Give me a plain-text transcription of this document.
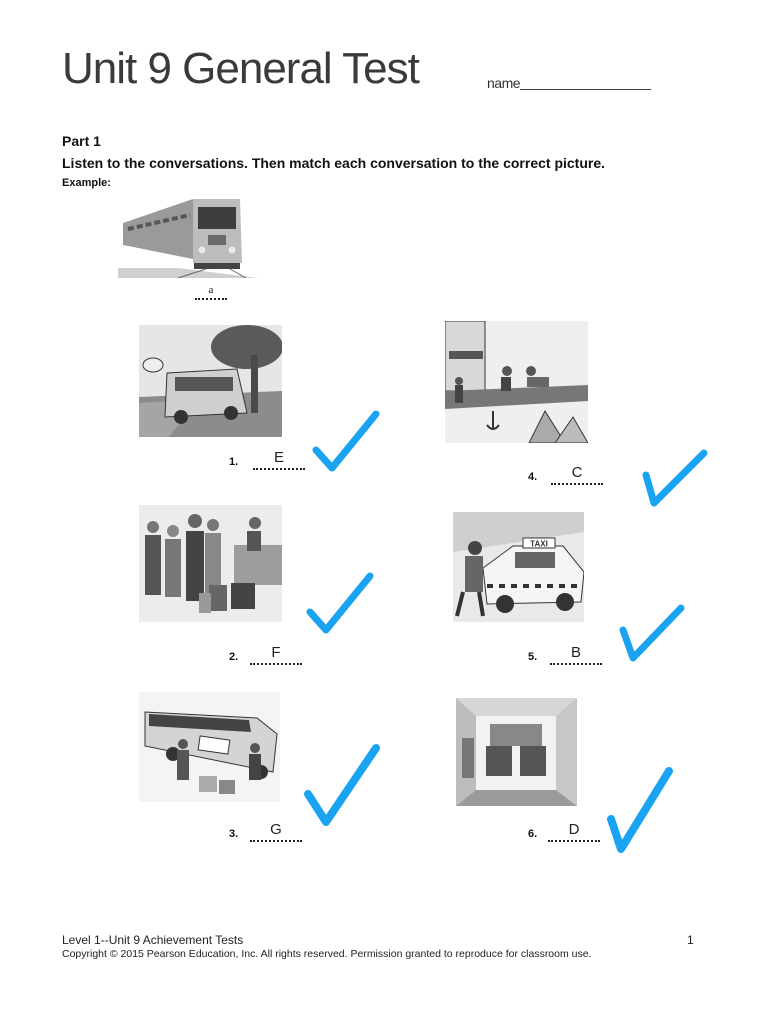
Unit 9 General Test	name
Part 1
Listen to the conversations. Then match each conversation to the correct picture.
Example:
a
1.	E
2.	F
3.	G
4.	C
TAXI
5.	B
6.	D
Level 1--Unit 9 Achievement Tests
Copyright © 2015 Pearson Education, Inc. All rights reserved. Permission granted to reproduce for classroom use.
1
